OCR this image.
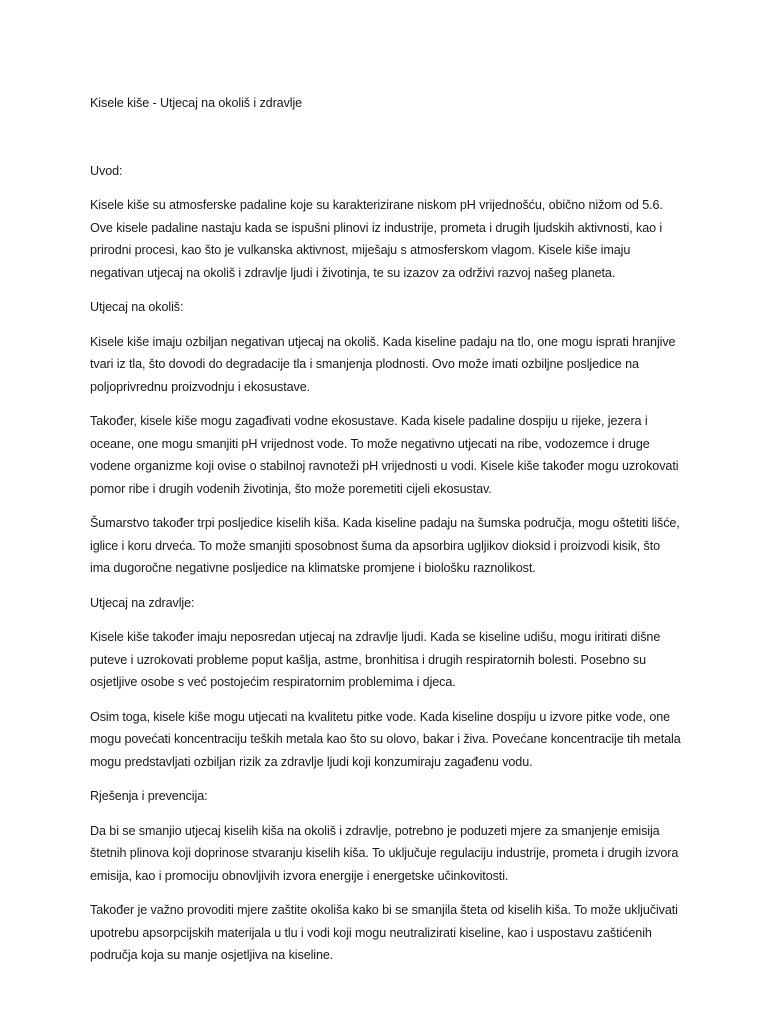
Kisele kiše - Utjecaj na okoliš i zdravlje
Uvod:

Kisele kiše su atmosferske padaline koje su karakterizirane niskom pH vrijednošću, obično nižom od 5.6. Ove kisele padaline nastaju kada se ispušni plinovi iz industrije, prometa i drugih ljudskih aktivnosti, kao i prirodni procesi, kao što je vulkanska aktivnost, miješaju s atmosferskom vlagom. Kisele kiše imaju negativan utjecaj na okoliš i zdravlje ljudi i životinja, te su izazov za održivi razvoj našeg planeta.

Utjecaj na okoliš:

Kisele kiše imaju ozbiljan negativan utjecaj na okoliš. Kada kiseline padaju na tlo, one mogu isprati hranjive tvari iz tla, što dovodi do degradacije tla i smanjenja plodnosti. Ovo može imati ozbiljne posljedice na poljoprivrednu proizvodnju i ekosustave.

Također, kisele kiše mogu zagađivati vodne ekosustave. Kada kisele padaline dospiju u rijeke, jezera i oceane, one mogu smanjiti pH vrijednost vode. To može negativno utjecati na ribe, vodozemce i druge vodene organizme koji ovise o stabilnoj ravnoteži pH vrijednosti u vodi. Kisele kiše također mogu uzrokovati pomor ribe i drugih vodenih životinja, što može poremetiti cijeli ekosustav.

Šumarstvo također trpi posljedice kiselih kiša. Kada kiseline padaju na šumska područja, mogu oštetiti lišće, iglice i koru drveća. To može smanjiti sposobnost šuma da apsorbira ugljikov dioksid i proizvodi kisik, što ima dugoročne negativne posljedice na klimatske promjene i biološku raznolikost.

Utjecaj na zdravlje:

Kisele kiše također imaju neposredan utjecaj na zdravlje ljudi. Kada se kiseline udišu, mogu iritirati dišne puteve i uzrokovati probleme poput kašlja, astme, bronhitisa i drugih respiratornih bolesti. Posebno su osjetljive osobe s već postojećim respiratornim problemima i djeca.

Osim toga, kisele kiše mogu utjecati na kvalitetu pitke vode. Kada kiseline dospiju u izvore pitke vode, one mogu povećati koncentraciju teških metala kao što su olovo, bakar i živa. Povećane koncentracije tih metala mogu predstavljati ozbiljan rizik za zdravlje ljudi koji konzumiraju zagađenu vodu.

Rješenja i prevencija:

Da bi se smanjio utjecaj kiselih kiša na okoliš i zdravlje, potrebno je poduzeti mjere za smanjenje emisija štetnih plinova koji doprinose stvaranju kiselih kiša. To uključuje regulaciju industrije, prometa i drugih izvora emisija, kao i promociju obnovljivih izvora energije i energetske učinkovitosti.

Također je važno provoditi mjere zaštite okoliša kako bi se smanjila šteta od kiselih kiša. To može uključivati upotrebu apsorpcijskih materijala u tlu i vodi koji mogu neutralizirati kiseline, kao i uspostavu zaštićenih područja koja su manje osjetljiva na kiseline.
